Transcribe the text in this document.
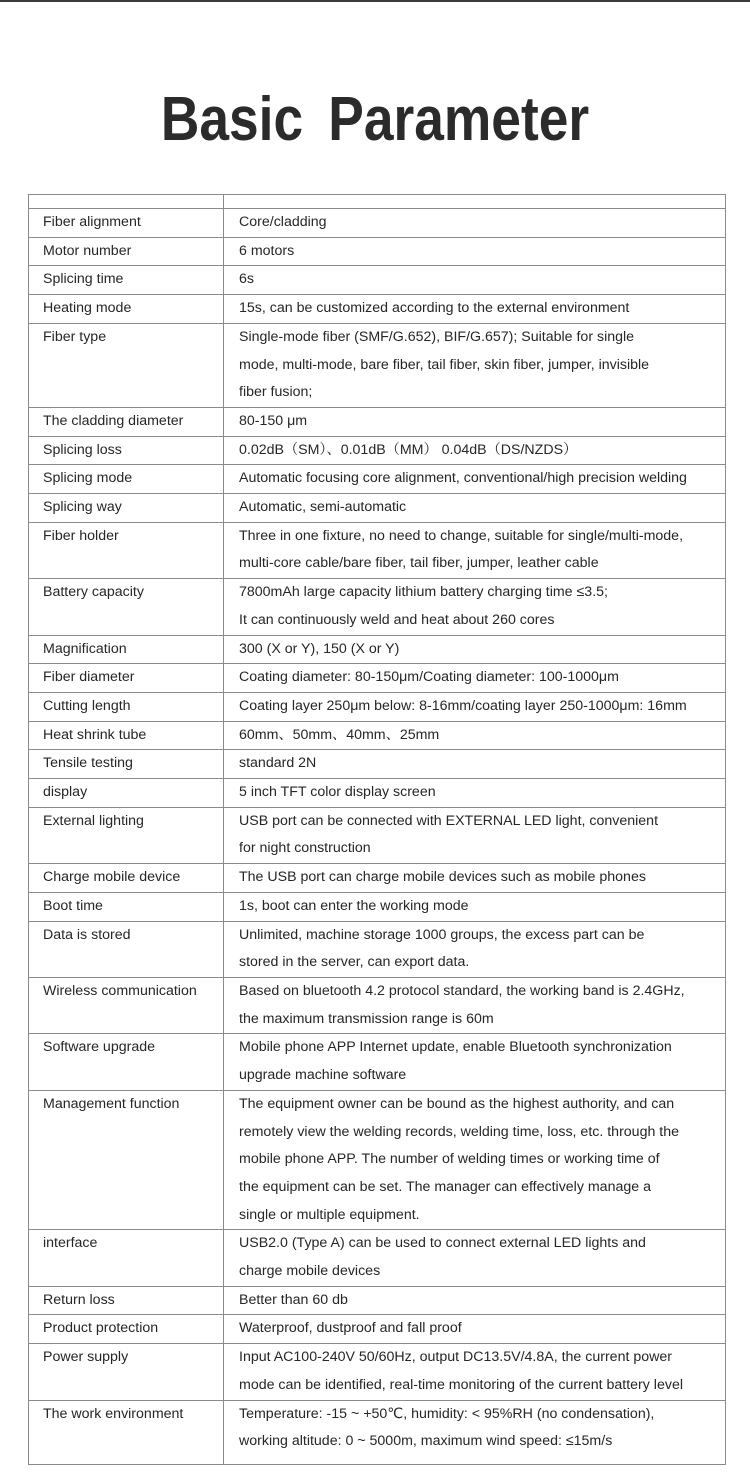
Basic Parameter
Fiber alignment	Core/cladding

Motor number	6 motors

Splicing time	6s

Heating mode	15s, can be customized according to the external environment

Fiber type	Single-mode fiber (SMF/G.652), BIF/G.657); Suitable for single
mode, multi-mode, bare fiber, tail fiber, skin fiber, jumper, invisible
fiber fusion;

The cladding diameter	80-150 μm

Splicing loss	0.02dB（SM）、0.01dB（MM） 0.04dB（DS/NZDS）

Splicing mode	Automatic focusing core alignment, conventional/high precision welding

Splicing way	Automatic, semi-automatic

Fiber holder	Three in one fixture, no need to change, suitable for single/multi-mode,
multi-core cable/bare fiber, tail fiber, jumper, leather cable

Battery capacity	7800mAh large capacity lithium battery charging time ≤3.5;
It can continuously weld and heat about 260 cores

Magnification	300 (X or Y), 150 (X or Y)

Fiber diameter	Coating diameter: 80-150μm/Coating diameter: 100-1000μm

Cutting length	Coating layer 250μm below: 8-16mm/coating layer 250-1000μm: 16mm

Heat shrink tube	60mm、50mm、40mm、25mm

Tensile testing	standard 2N

display	5 inch TFT color display screen

External lighting	USB port can be connected with EXTERNAL LED light, convenient
for night construction

Charge mobile device	The USB port can charge mobile devices such as mobile phones

Boot time	1s, boot can enter the working mode

Data is stored	Unlimited, machine storage 1000 groups, the excess part can be
stored in the server, can export data.

Wireless communication	Based on bluetooth 4.2 protocol standard, the working band is 2.4GHz,
the maximum transmission range is 60m

Software upgrade	Mobile phone APP Internet update, enable Bluetooth synchronization
upgrade machine software

Management function	The equipment owner can be bound as the highest authority, and can
remotely view the welding records, welding time, loss, etc. through the
mobile phone APP. The number of welding times or working time of
the equipment can be set. The manager can effectively manage a
single or multiple equipment.

interface	USB2.0 (Type A) can be used to connect external LED lights and
charge mobile devices

Return loss	Better than 60 db

Product protection	Waterproof, dustproof and fall proof

Power supply	Input AC100-240V 50/60Hz, output DC13.5V/4.8A, the current power
mode can be identified, real-time monitoring of the current battery level

The work environment	Temperature: -15 ~ +50℃, humidity: < 95%RH (no condensation),
working altitude: 0 ~ 5000m, maximum wind speed: ≤15m/s
